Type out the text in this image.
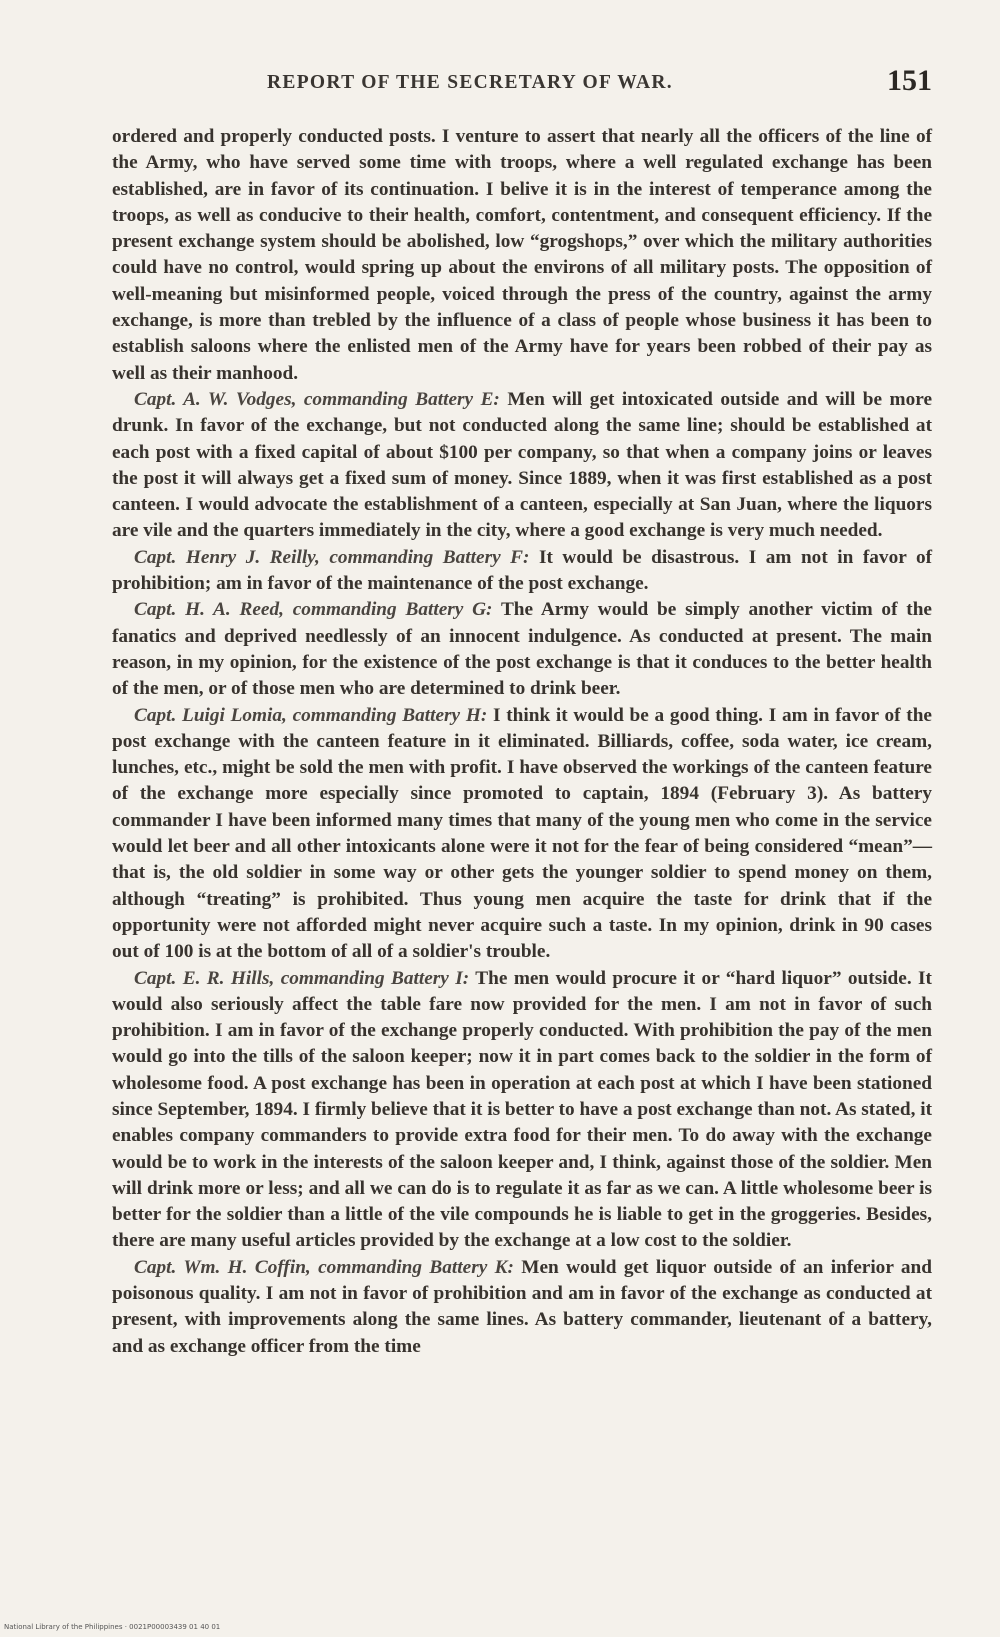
REPORT OF THE SECRETARY OF WAR.	151

ordered and properly conducted posts. I venture to assert that nearly all the officers of the line of the Army, who have served some time with troops, where a well regulated exchange has been established, are in favor of its continuation. I belive it is in the interest of temperance among the troops, as well as conducive to their health, comfort, contentment, and consequent efficiency. If the present exchange system should be abolished, low “grogshops,” over which the military authorities could have no control, would spring up about the environs of all military posts. The opposition of well-meaning but misinformed people, voiced through the press of the country, against the army exchange, is more than trebled by the influence of a class of people whose business it has been to establish saloons where the enlisted men of the Army have for years been robbed of their pay as well as their manhood.

Capt. A. W. Vodges, commanding Battery E: Men will get intoxicated outside and will be more drunk. In favor of the exchange, but not conducted along the same line; should be established at each post with a fixed capital of about $100 per company, so that when a company joins or leaves the post it will always get a fixed sum of money. Since 1889, when it was first established as a post canteen. I would advocate the establishment of a canteen, especially at San Juan, where the liquors are vile and the quarters immediately in the city, where a good exchange is very much needed.

Capt. Henry J. Reilly, commanding Battery F: It would be disastrous. I am not in favor of prohibition; am in favor of the maintenance of the post exchange.

Capt. H. A. Reed, commanding Battery G: The Army would be simply another victim of the fanatics and deprived needlessly of an innocent indulgence. As conducted at present. The main reason, in my opinion, for the existence of the post exchange is that it conduces to the better health of the men, or of those men who are determined to drink beer.

Capt. Luigi Lomia, commanding Battery H: I think it would be a good thing. I am in favor of the post exchange with the canteen feature in it eliminated. Billiards, coffee, soda water, ice cream, lunches, etc., might be sold the men with profit. I have observed the workings of the canteen feature of the exchange more especially since promoted to captain, 1894 (February 3). As battery commander I have been informed many times that many of the young men who come in the service would let beer and all other intoxicants alone were it not for the fear of being considered “mean”—that is, the old soldier in some way or other gets the younger soldier to spend money on them, although “treating” is prohibited. Thus young men acquire the taste for drink that if the opportunity were not afforded might never acquire such a taste. In my opinion, drink in 90 cases out of 100 is at the bottom of all of a soldier's trouble.

Capt. E. R. Hills, commanding Battery I: The men would procure it or “hard liquor” outside. It would also seriously affect the table fare now provided for the men. I am not in favor of such prohibition. I am in favor of the exchange properly conducted. With prohibition the pay of the men would go into the tills of the saloon keeper; now it in part comes back to the soldier in the form of wholesome food. A post exchange has been in operation at each post at which I have been stationed since September, 1894. I firmly believe that it is better to have a post exchange than not. As stated, it enables company commanders to provide extra food for their men. To do away with the exchange would be to work in the interests of the saloon keeper and, I think, against those of the soldier. Men will drink more or less; and all we can do is to regulate it as far as we can. A little wholesome beer is better for the soldier than a little of the vile compounds he is liable to get in the groggeries. Besides, there are many useful articles provided by the exchange at a low cost to the soldier.

Capt. Wm. H. Coffin, commanding Battery K: Men would get liquor outside of an inferior and poisonous quality. I am not in favor of prohibition and am in favor of the exchange as conducted at present, with improvements along the same lines. As battery commander, lieutenant of a battery, and as exchange officer from the time

National Library of the Philippines · 0021P00003439 01 40 01
